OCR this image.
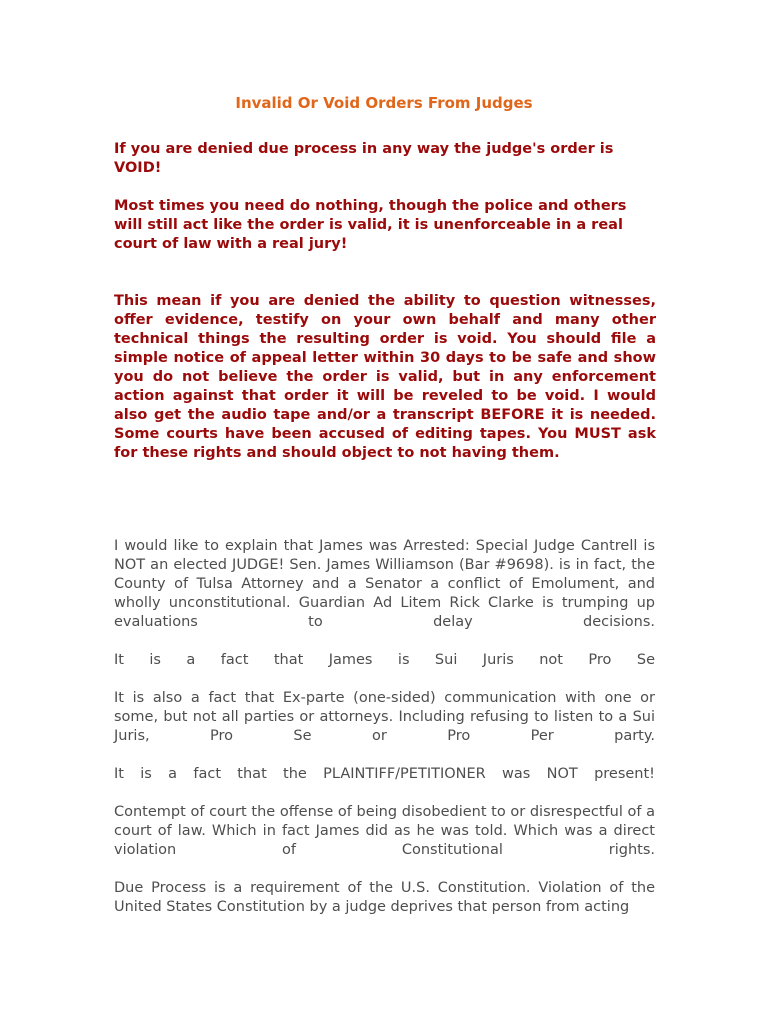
Invalid Or Void Orders From Judges

If you are denied due process in any way the judge's order is VOID!

Most times you need do nothing, though the police and others will still act like the order is valid, it is unenforceable in a real court of law with a real jury!

This mean if you are denied the ability to question witnesses, offer evidence, testify on your own behalf and many other technical things the resulting order is void. You should file a simple notice of appeal letter within 30 days to be safe and show you do not believe the order is valid, but in any enforcement action against that order it will be reveled to be void. I would also get the audio tape and/or a transcript BEFORE it is needed. Some courts have been accused of editing tapes. You MUST ask for these rights and should object to not having them.

I would like to explain that James was Arrested: Special Judge Cantrell is NOT an elected JUDGE! Sen. James Williamson (Bar #9698). is in fact, the County of Tulsa Attorney and a Senator a conflict of Emolument, and wholly unconstitutional. Guardian Ad Litem Rick Clarke is trumping up evaluations to delay decisions.

It is a fact that James is Sui Juris not Pro Se

It is also a fact that Ex-parte (one-sided) communication with one or some, but not all parties or attorneys. Including refusing to listen to a Sui Juris, Pro Se or Pro Per party.

It is a fact that the PLAINTIFF/PETITIONER was NOT present!

Contempt of court the offense of being disobedient to or disrespectful of a court of law. Which in fact James did as he was told. Which was a direct violation of Constitutional rights.

Due Process is a requirement of the U.S. Constitution. Violation of the United States Constitution by a judge deprives that person from acting
